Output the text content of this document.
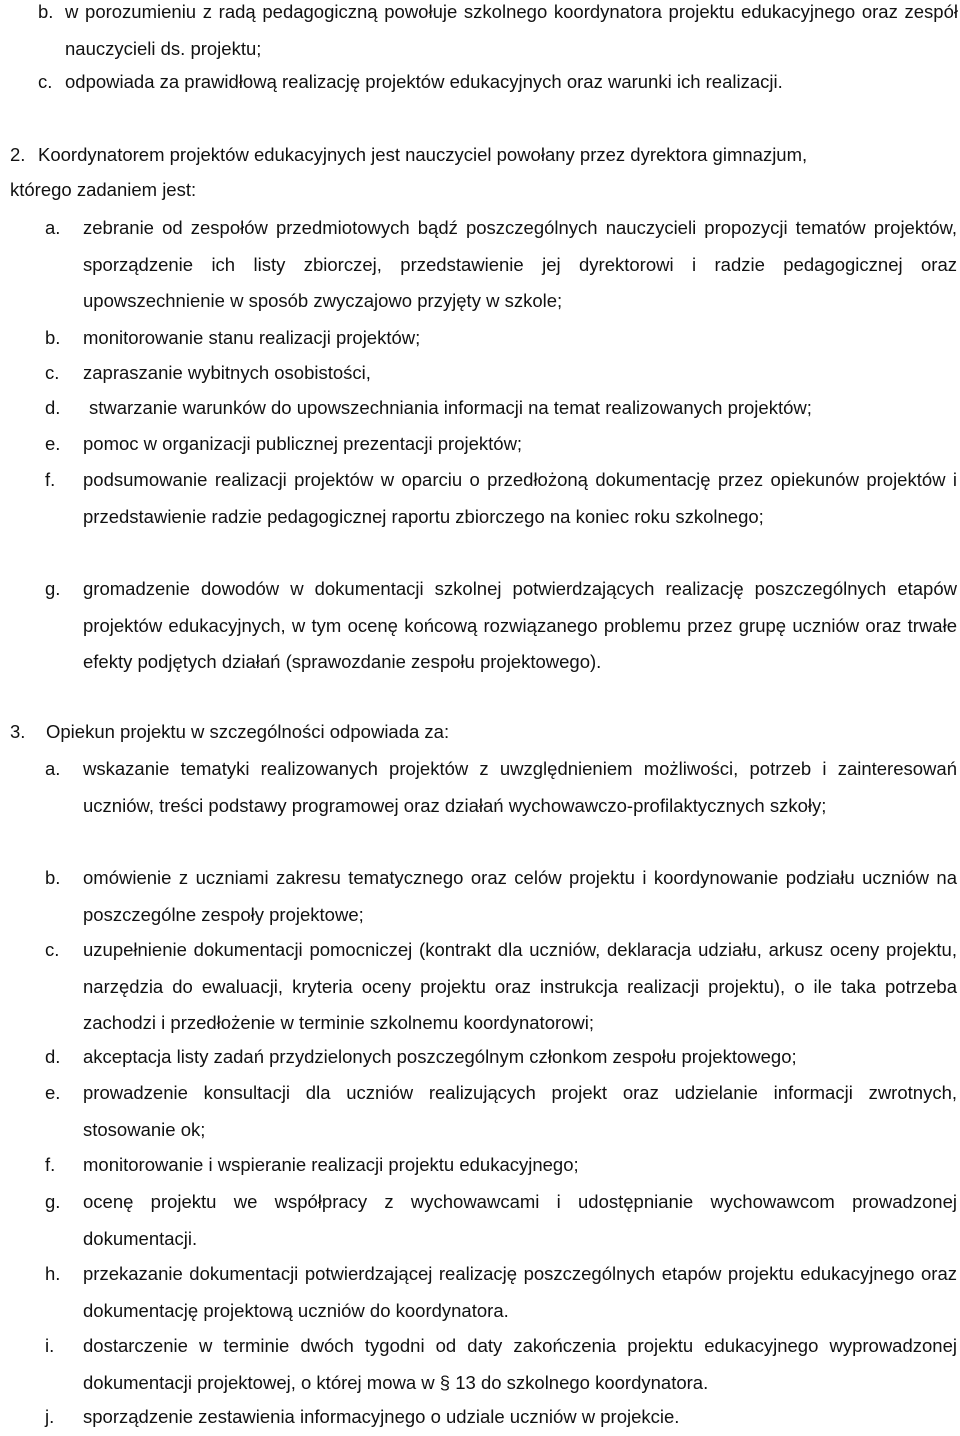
b. w porozumieniu z radą pedagogiczną powołuje szkolnego koordynatora projektu edukacyjnego oraz zespół nauczycieli ds. projektu;
c. odpowiada za prawidłową realizację projektów edukacyjnych oraz warunki ich realizacji.
2. Koordynatorem projektów edukacyjnych jest nauczyciel powołany przez dyrektora gimnazjum,
którego zadaniem jest:
a. zebranie od zespołów przedmiotowych bądź poszczególnych nauczycieli propozycji tematów projektów, sporządzenie ich listy zbiorczej, przedstawienie jej dyrektorowi i radzie pedagogicznej oraz upowszechnienie w sposób zwyczajowo przyjęty w szkole;
b. monitorowanie stanu realizacji projektów;
c. zapraszanie wybitnych osobistości,
d. stwarzanie warunków do upowszechniania informacji na temat realizowanych projektów;
e. pomoc w organizacji publicznej prezentacji projektów;
f. podsumowanie realizacji projektów w oparciu o przedłożoną dokumentację przez opiekunów projektów i przedstawienie radzie pedagogicznej raportu zbiorczego na koniec roku szkolnego;
g. gromadzenie dowodów w dokumentacji szkolnej potwierdzających realizację poszczególnych etapów projektów edukacyjnych, w tym ocenę końcową rozwiązanego problemu przez grupę uczniów oraz trwałe efekty podjętych działań (sprawozdanie zespołu projektowego).
3. Opiekun projektu w szczególności odpowiada za:
a. wskazanie tematyki realizowanych projektów z uwzględnieniem możliwości, potrzeb i zainteresowań uczniów, treści podstawy programowej oraz działań wychowawczo-profilaktycznych szkoły;
b. omówienie z uczniami zakresu tematycznego oraz celów projektu i koordynowanie podziału uczniów na poszczególne zespoły projektowe;
c. uzupełnienie dokumentacji pomocniczej (kontrakt dla uczniów, deklaracja udziału, arkusz oceny projektu, narzędzia do ewaluacji, kryteria oceny projektu oraz instrukcja realizacji projektu), o ile taka potrzeba zachodzi i przedłożenie w terminie szkolnemu koordynatorowi;
d. akceptacja listy zadań przydzielonych poszczególnym członkom zespołu projektowego;
e. prowadzenie konsultacji dla uczniów realizujących projekt oraz udzielanie informacji zwrotnych, stosowanie ok;
f. monitorowanie i wspieranie realizacji projektu edukacyjnego;
g. ocenę projektu we współpracy z wychowawcami i udostępnianie wychowawcom prowadzonej dokumentacji.
h. przekazanie dokumentacji potwierdzającej realizację poszczególnych etapów projektu edukacyjnego oraz dokumentację projektową uczniów do koordynatora.
i. dostarczenie w terminie dwóch tygodni od daty zakończenia projektu edukacyjnego wyprowadzonej dokumentacji projektowej, o której mowa w § 13 do szkolnego koordynatora.
j. sporządzenie zestawienia informacyjnego o udziale uczniów w projekcie.
